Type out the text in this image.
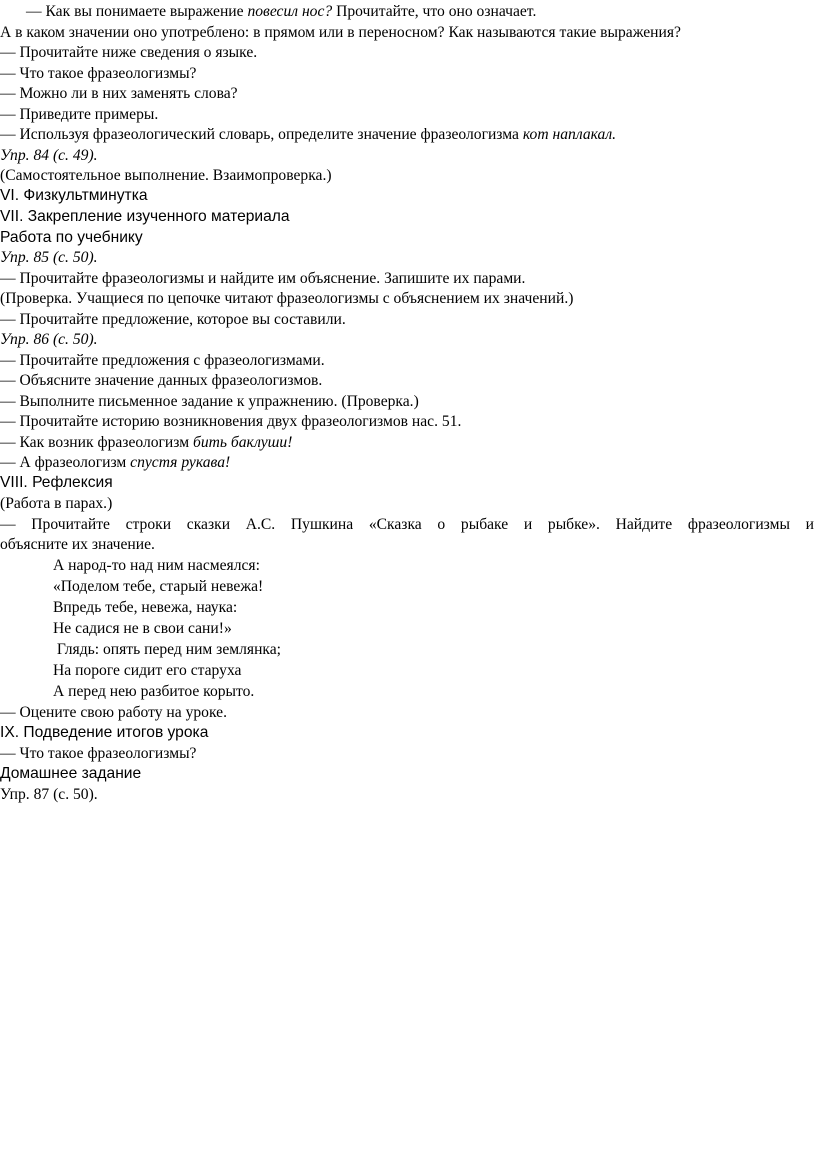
— Как вы понимаете выражение повесил нос? Прочитайте, что оно означает.
А в каком значении оно употреблено: в прямом или в переносном? Как называются такие выражения?
— Прочитайте ниже сведения о языке.
— Что такое фразеологизмы?
— Можно ли в них заменять слова?
— Приведите примеры.
— Используя фразеологический словарь, определите значение фразеологизма кот наплакал.
Упр. 84 (с. 49).
(Самостоятельное выполнение. Взаимопроверка.)
VI. Физкультминутка
VII. Закрепление изученного материала
Работа по учебнику
Упр. 85 (с. 50).
— Прочитайте фразеологизмы и найдите им объяснение. Запишите их парами.
(Проверка. Учащиеся по цепочке читают фразеологизмы с объяснением их значений.)
— Прочитайте предложение, которое вы составили.
Упр. 86 (с. 50).
— Прочитайте предложения с фразеологизмами.
— Объясните значение данных фразеологизмов.
— Выполните письменное задание к упражнению. (Проверка.)
— Прочитайте историю возникновения двух фразеологизмов нас. 51.
— Как возник фразеологизм бить баклуши!
— А фразеологизм спустя рукава!
VIII. Рефлексия
(Работа в парах.)
— Прочитайте строки сказки А.С. Пушкина «Сказка о рыбаке и рыбке». Найдите фразеологизмы и
объясните их значение.
А народ-то над ним насмеялся:
«Поделом тебе, старый невежа!
Впредь тебе, невежа, наука:
Не садися не в свои сани!»
Глядь: опять перед ним землянка;
На пороге сидит его старуха
А перед нею разбитое корыто.
— Оцените свою работу на уроке.
IX. Подведение итогов урока
— Что такое фразеологизмы?
Домашнее задание
Упр. 87 (с. 50).
